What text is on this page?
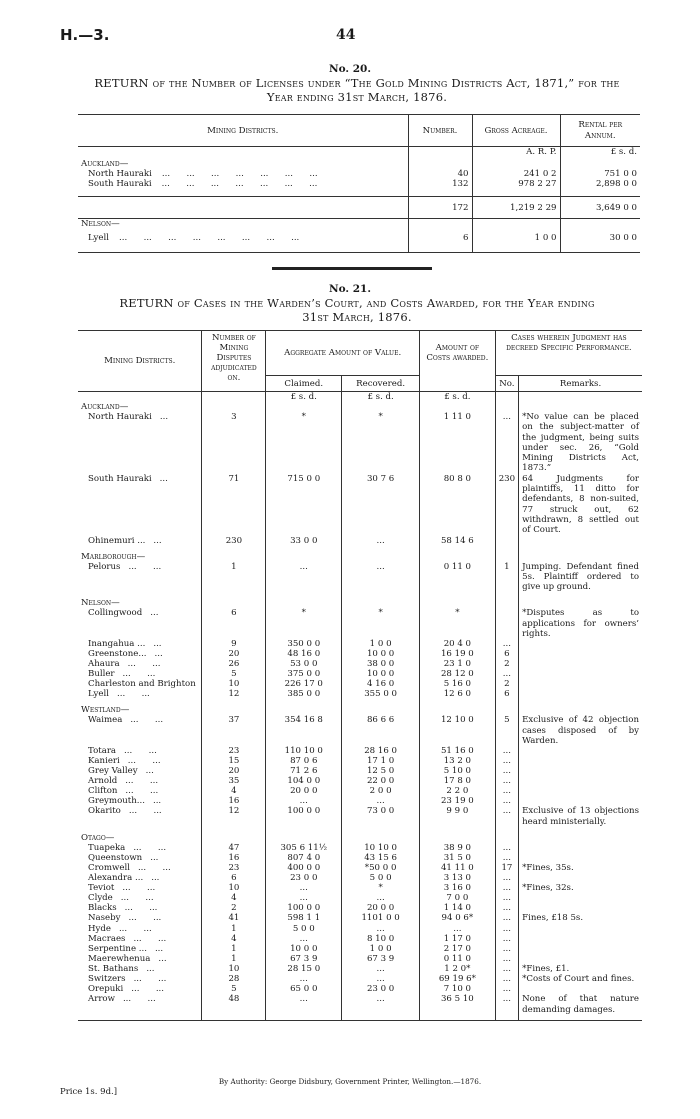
H.—3.	44
No. 20.
RETURN of the Number of Licenses under “The Gold Mining Districts Act, 1871,” for the
Year ending 31st March, 1876.
Mining Districts.	Number.	Gross Acreage.	Rental per Annum.
		A. R. P.	£ s. d.
Auckland—			
North Hauraki ...      ...      ...      ...      ...      ...      ...	40	241 0 2	751 0 0
South Hauraki ...      ...      ...      ...      ...      ...      ...	132	978 2 27	2,898 0 0

	172	1,219 2 29	3,649 0 0
Nelson—			
Lyell ...      ...      ...      ...      ...      ...      ...      ...	6	1 0 0	30 0 0

No. 21.
RETURN of Cases in the Warden’s Court, and Costs Awarded, for the Year ending
31st March, 1876.
Mining Districts.	Number of Mining Disputes adjudicated on.	Aggregate Amount of Value.		Amount of Costs awarded.	Cases wherein Judgment has decreed Specific Performance.	
		Claimed.	Recovered.		No.	Remarks.
		£ s. d.	£ s. d.	£ s. d.		
Auckland—						
North Hauraki ...	3	*	*	1 11 0	...	*No value can be placed on the subject-matter of the judgment, being suits under sec. 26, “Gold Mining Districts Act, 1873.”
South Hauraki ...	71	715 0 0	30 7 6	80 8 0	230	64 Judgments for plaintiffs, 11 ditto for defendants, 8 non-suited, 77 struck out, 62 withdrawn, 8 settled out of Court.
Ohinemuri ... ...	230	33 0 0	...	58 14 6		
Marlborough—						
Pelorus ...      ...	1	...	...	0 11 0	1	Jumping. Defendant fined 5s. Plaintiff ordered to give up ground.
Nelson—						
Collingwood ...	6	*	*	*		*Disputes as to applications for owners’ rights.
Inangahua ... ...	9	350 0 0	1 0 0	20 4 0	...	
Greenstone... ...	20	48 16 0	10 0 0	16 19 0	6	
Ahaura ...      ...	26	53 0 0	38 0 0	23 1 0	2	
Buller ...      ...	5	375 0 0	10 0 0	28 12 0	...	
Charleston and Brighton	10	226 17 0	4 16 0	5 16 0	2	
Lyell ...      ...	12	385 0 0	355 0 0	12 6 0	6	
Westland—						
Waimea ...      ...	37	354 16 8	86 6 6	12 10 0	5	Exclusive of 42 objection cases disposed of by Warden.
Totara ...      ...	23	110 10 0	28 16 0	51 16 0	...	
Kanieri ...      ...	15	87 0 6	17 1 0	13 2 0	...	
Grey Valley ...	20	71 2 6	12 5 0	5 10 0	...	
Arnold ...      ...	35	104 0 0	22 0 0	17 8 0	...	
Clifton ...      ...	4	20 0 0	2 0 0	2 2 0	...	
Greymouth... ...	16	...	...	23 19 0	...	
Okarito ...      ...	12	100 0 0	73 0 0	9 9 0	...	Exclusive of 13 objections heard ministerially.
Otago—						
Tuapeka ...      ...	47	305 6 11½	10 10 0	38 9 0	...	
Queenstown ...	16	807 4 0	43 15 6	31 5 0	...	
Cromwell ...      ...	23	400 0 0	*50 0 0	41 11 0	17	*Fines, 35s.
Alexandra ... ...	6	23 0 0	5 0 0	3 13 0	...	
Teviot ...      ...	10	...	*	3 16 0	...	*Fines, 32s.
Clyde ...      ...	4	...	...	7 0 0	...	
Blacks ...      ...	2	100 0 0	20 0 0	1 14 0	...	
Naseby ...      ...	41	598 1 1	1101 0 0	94 0 6*	...	Fines, £18 5s.
Hyde ...      ...	1	5 0 0	...	...	...	
Macraes ...      ...	4	...	8 10 0	1 17 0	...	
Serpentine ... ...	1	10 0 0	1 0 0	2 17 0	...	
Maerewhenua ...	1	67 3 9	67 3 9	0 11 0	...	
St. Bathans ...	10	28 15 0	...	1 2 0*	...	*Fines, £1.
Switzers ...      ...	28	...	...	69 19 6*	...	*Costs of Court and fines.
Orepuki ...      ...	5	65 0 0	23 0 0	7 10 0	...	
Arrow ...      ...	48	...	...	36 5 10	...	None of that nature demanding damages.

By Authority: George Didsbury, Government Printer, Wellington.—1876.
Price 1s. 9d.]
